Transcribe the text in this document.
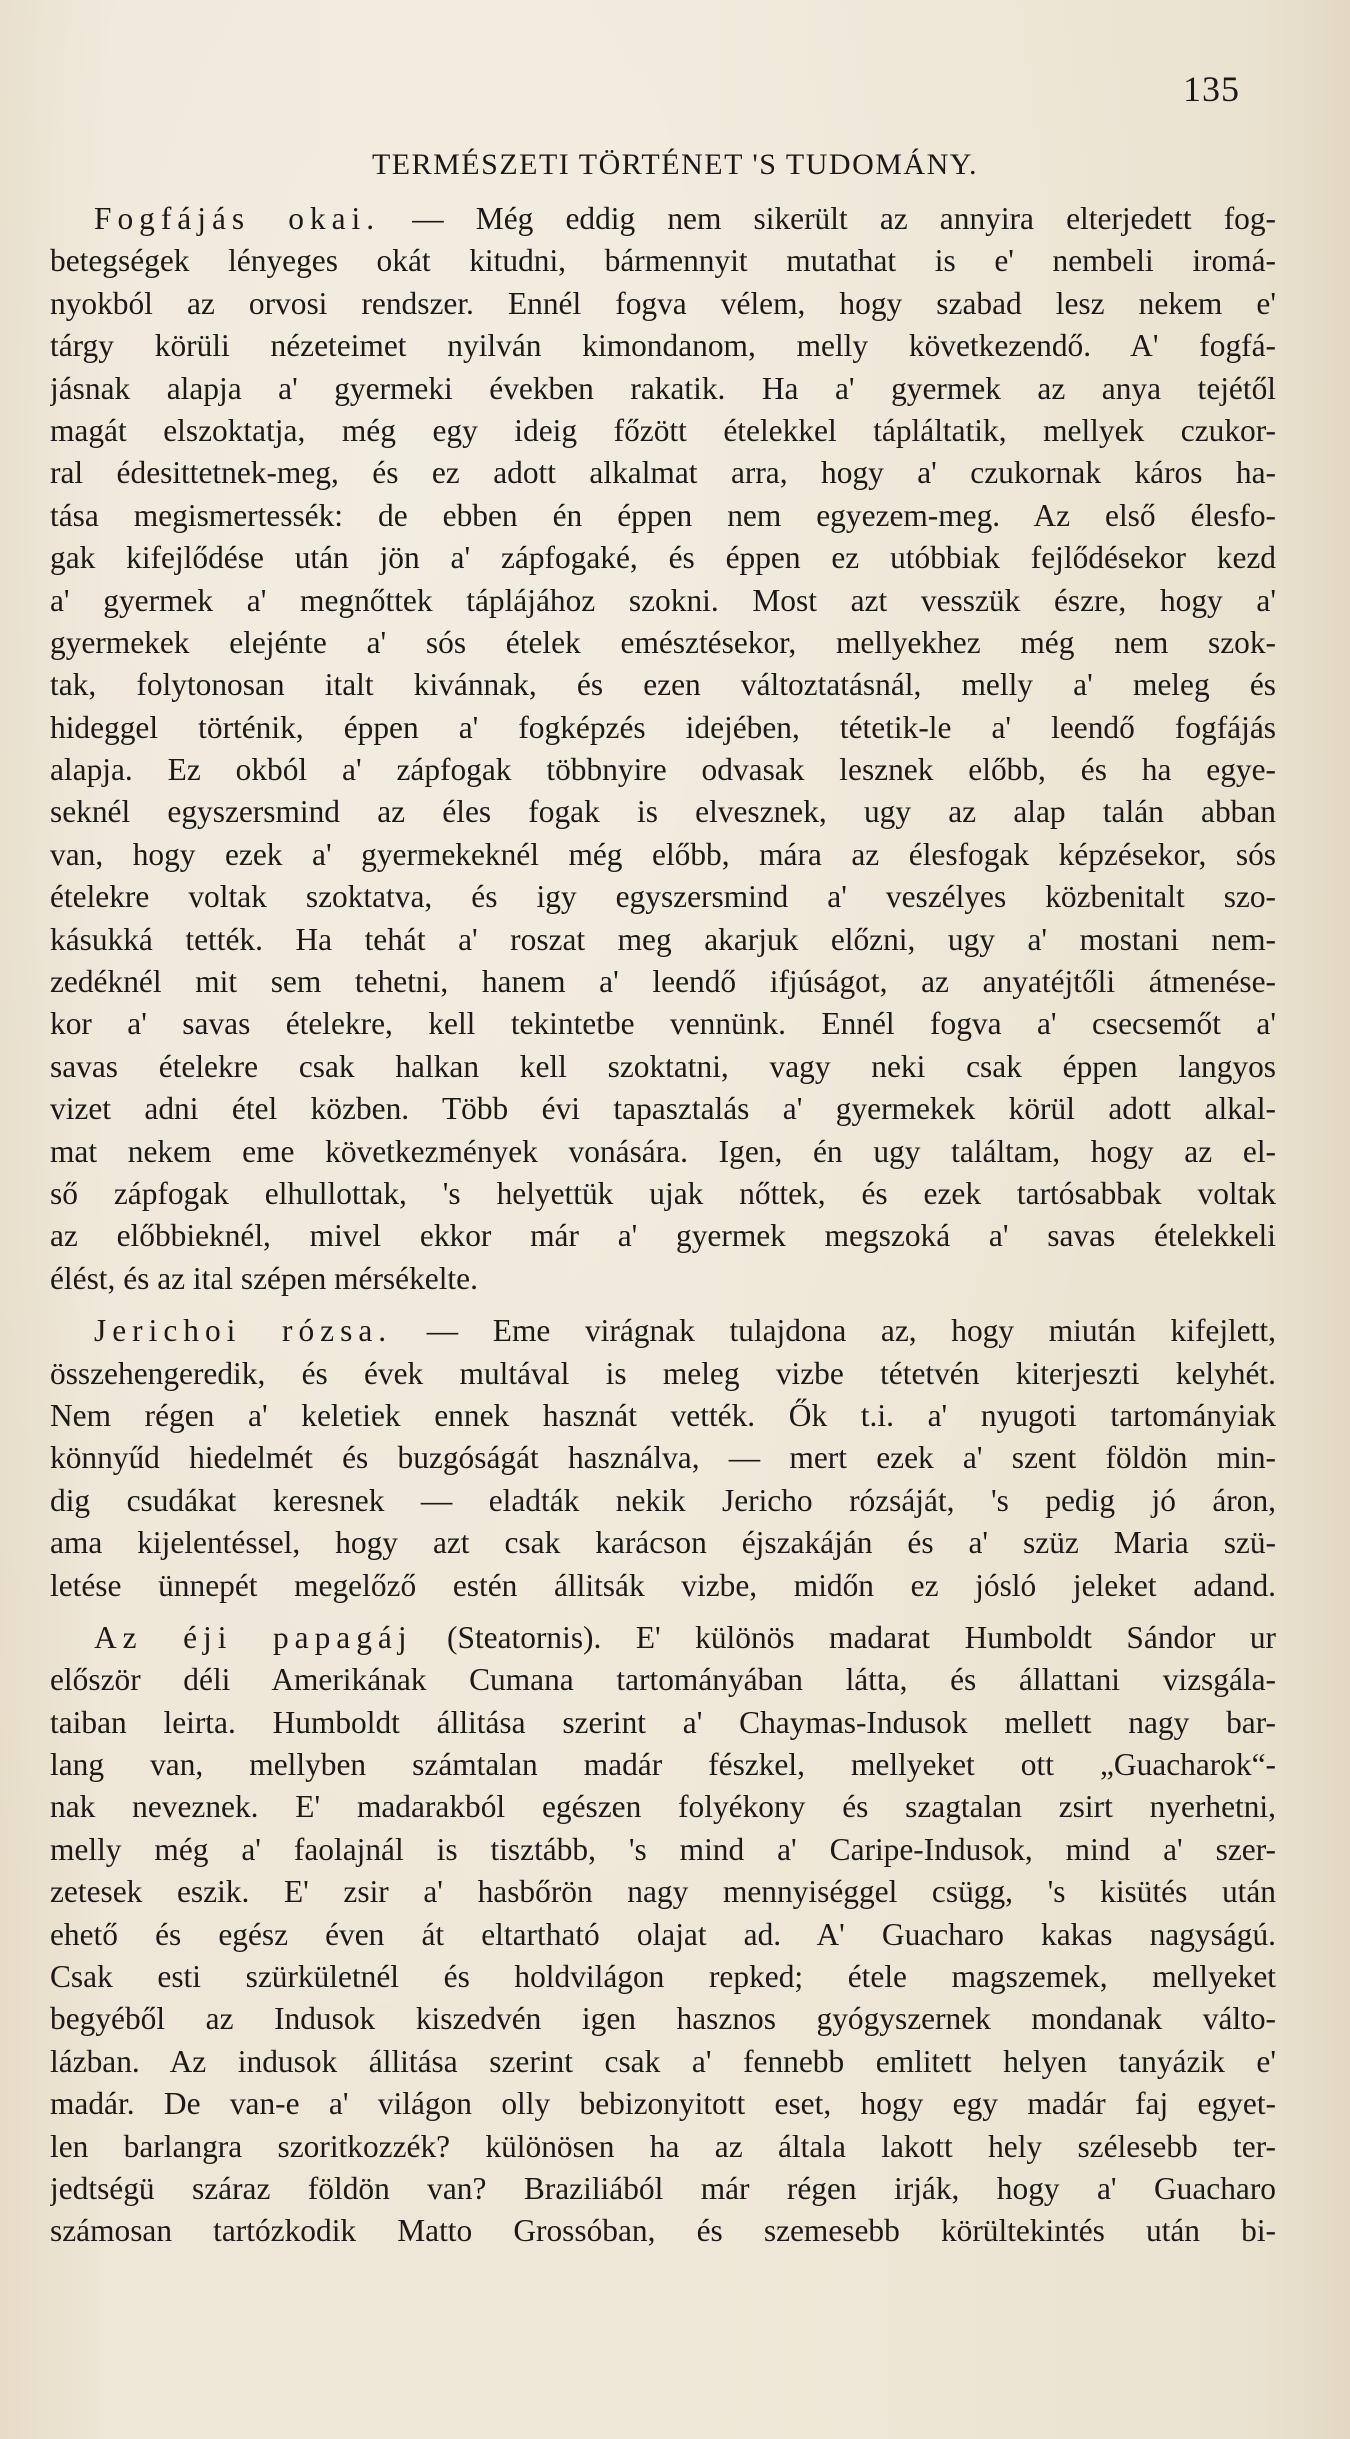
135
TERMÉSZETI TÖRTÉNET 'S TUDOMÁNY.
Fogfájás okai. — Még eddig nem sikerült az annyira elterjedett fog-
betegségek lényeges okát kitudni, bármennyit mutathat is e' nembeli iromá-
nyokból az orvosi rendszer. Ennél fogva vélem, hogy szabad lesz nekem e'
tárgy körüli nézeteimet nyilván kimondanom, melly következendő. A' fogfá-
jásnak alapja a' gyermeki években rakatik. Ha a' gyermek az anya tejétől
magát elszoktatja, még egy ideig főzött ételekkel tápláltatik, mellyek czukor-
ral édesittetnek-meg, és ez adott alkalmat arra, hogy a' czukornak káros ha-
tása megismertessék: de ebben én éppen nem egyezem-meg. Az első élesfo-
gak kifejlődése után jön a' zápfogaké, és éppen ez utóbbiak fejlődésekor kezd
a' gyermek a' megnőttek táplájához szokni. Most azt vesszük észre, hogy a'
gyermekek elejénte a' sós ételek emésztésekor, mellyekhez még nem szok-
tak, folytonosan italt kivánnak, és ezen változtatásnál, melly a' meleg és
hideggel történik, éppen a' fogképzés idejében, tétetik-le a' leendő fogfájás
alapja. Ez okból a' zápfogak többnyire odvasak lesznek előbb, és ha egye-
seknél egyszersmind az éles fogak is elvesznek, ugy az alap talán abban
van, hogy ezek a' gyermekeknél még előbb, mára az élesfogak képzésekor, sós
ételekre voltak szoktatva, és igy egyszersmind a' veszélyes közbenitalt szo-
kásukká tették. Ha tehát a' roszat meg akarjuk előzni, ugy a' mostani nem-
zedéknél mit sem tehetni, hanem a' leendő ifjúságot, az anyatéjtőli átmenése-
kor a' savas ételekre, kell tekintetbe vennünk. Ennél fogva a' csecsemőt a'
savas ételekre csak halkan kell szoktatni, vagy neki csak éppen langyos
vizet adni étel közben. Több évi tapasztalás a' gyermekek körül adott alkal-
mat nekem eme következmények vonására. Igen, én ugy találtam, hogy az el-
ső zápfogak elhullottak, 's helyettük ujak nőttek, és ezek tartósabbak voltak
az előbbieknél, mivel ekkor már a' gyermek megszoká a' savas ételekkeli
élést, és az ital szépen mérsékelte.
Jerichoi rózsa. — Eme virágnak tulajdona az, hogy miután kifejlett,
összehengeredik, és évek multával is meleg vizbe tétetvén kiterjeszti kelyhét.
Nem régen a' keletiek ennek hasznát vették. Ők t.i. a' nyugoti tartományiak
könnyűd hiedelmét és buzgóságát használva, — mert ezek a' szent földön min-
dig csudákat keresnek — eladták nekik Jericho rózsáját, 's pedig jó áron,
ama kijelentéssel, hogy azt csak karácson éjszakáján és a' szüz Maria szü-
letése ünnepét megelőző estén állitsák vizbe, midőn ez jósló jeleket adand.
Az éji papagáj (Steatornis). E' különös madarat Humboldt Sándor ur
először déli Amerikának Cumana tartományában látta, és állattani vizsgála-
taiban leirta. Humboldt állitása szerint a' Chaymas-Indusok mellett nagy bar-
lang van, mellyben számtalan madár fészkel, mellyeket ott „Guacharok“-
nak neveznek. E' madarakból egészen folyékony és szagtalan zsirt nyerhetni,
melly még a' faolajnál is tisztább, 's mind a' Caripe-Indusok, mind a' szer-
zetesek eszik. E' zsir a' hasbőrön nagy mennyiséggel csügg, 's kisütés után
ehető és egész éven át eltartható olajat ad. A' Guacharo kakas nagyságú.
Csak esti szürkületnél és holdvilágon repked; étele magszemek, mellyeket
begyéből az Indusok kiszedvén igen hasznos gyógyszernek mondanak válto-
lázban. Az indusok állitása szerint csak a' fennebb emlitett helyen tanyázik e'
madár. De van-e a' világon olly bebizonyitott eset, hogy egy madár faj egyet-
len barlangra szoritkozzék? különösen ha az általa lakott hely szélesebb ter-
jedtségü száraz földön van? Braziliából már régen irják, hogy a' Guacharo
számosan tartózkodik Matto Grossóban, és szemesebb körültekintés után bi-
